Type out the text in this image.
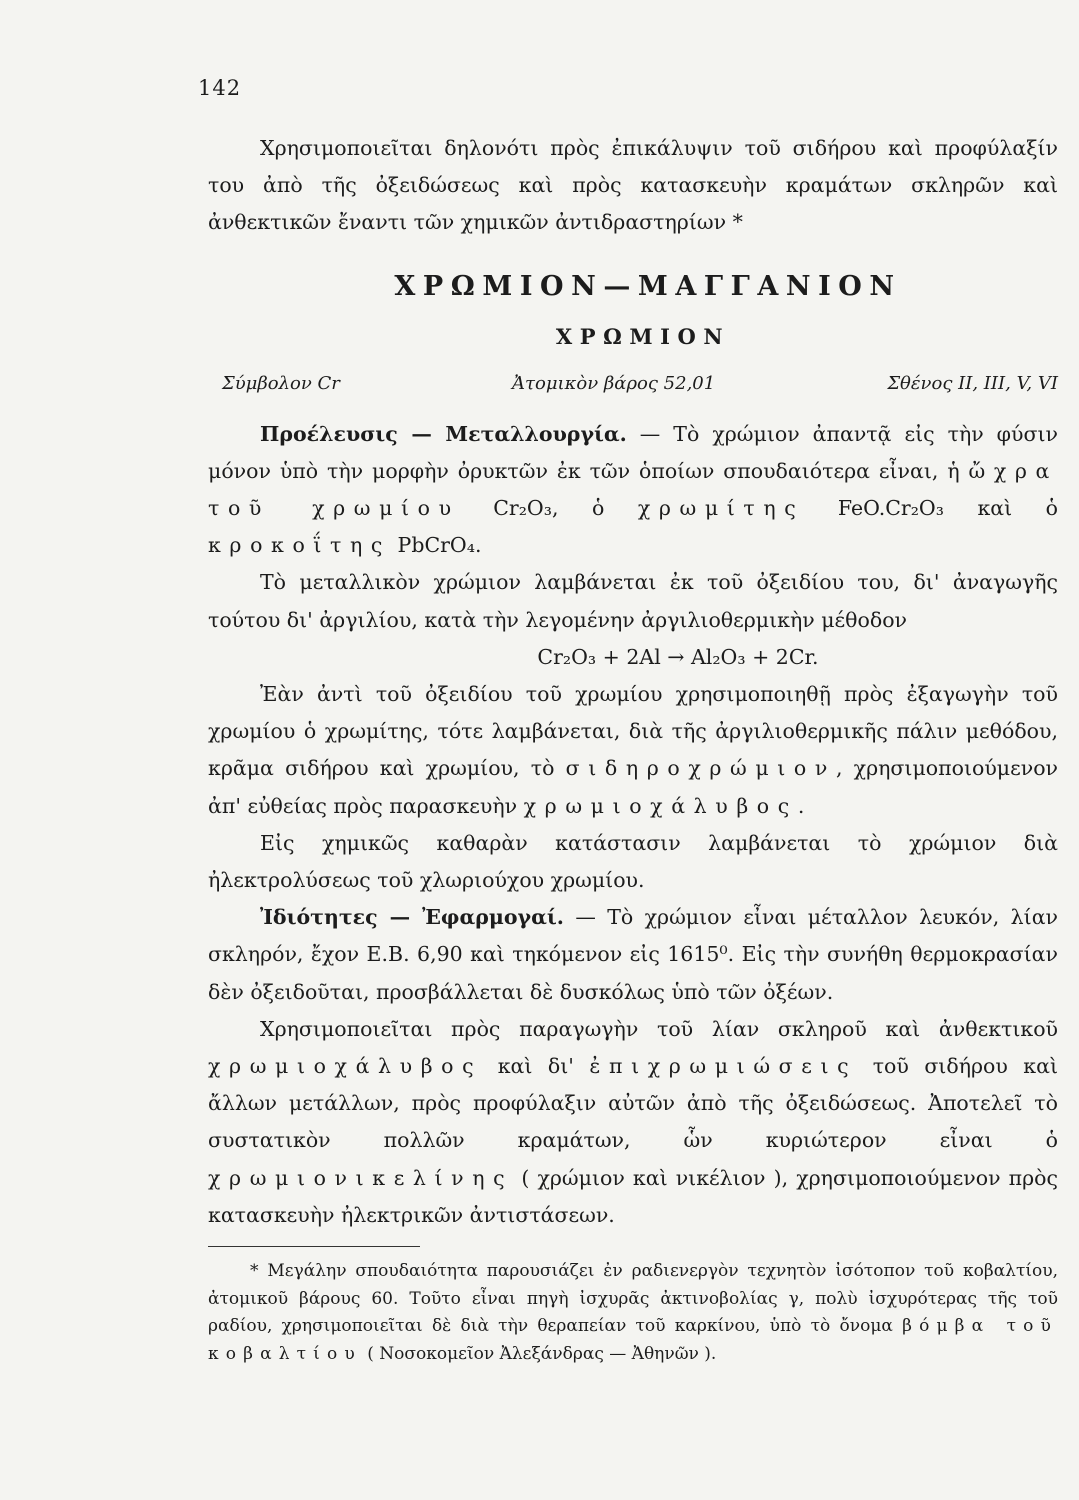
142

Χρησιμοποιεῖται δηλονότι πρὸς ἐπικάλυψιν τοῦ σιδήρου καὶ προφύλαξίν του ἀπὸ τῆς ὀξειδώσεως καὶ πρὸς κατασκευὴν κραμάτων σκληρῶν καὶ ἀνθεκτικῶν ἔναντι τῶν χημικῶν ἀντιδραστηρίων *

ΧΡΩΜΙΟΝ—ΜΑΓΓΑΝΙΟΝ
ΧΡΩΜΙΟΝ
Σύμβολον Cr	Ἀτομικὸν βάρος 52,01	Σθένος II, III, V, VI

Προέλευσις — Μεταλλουργία. — Τὸ χρώμιον ἀπαντᾷ εἰς τὴν φύσιν μόνον ὑπὸ τὴν μορφὴν ὀρυκτῶν ἐκ τῶν ὁποίων σπουδαιότερα εἶναι, ἡ ὤχρα τοῦ χρωμίου Cr₂O₃, ὁ χρωμίτης FeO.Cr₂O₃ καὶ ὁ κροκοΐτης PbCrO₄.

Τὸ μεταλλικὸν χρώμιον λαμβάνεται ἐκ τοῦ ὀξειδίου του, δι' ἀναγωγῆς τούτου δι' ἀργιλίου, κατὰ τὴν λεγομένην ἀργιλιοθερμικὴν μέθοδον

Cr₂O₃ + 2Al → Al₂O₃ + 2Cr.

Ἐὰν ἀντὶ τοῦ ὀξειδίου τοῦ χρωμίου χρησιμοποιηθῇ πρὸς ἐξαγωγὴν τοῦ χρωμίου ὁ χρωμίτης, τότε λαμβάνεται, διὰ τῆς ἀργιλιοθερμικῆς πάλιν μεθόδου, κρᾶμα σιδήρου καὶ χρωμίου, τὸ σιδηροχρώμιον, χρησιμοποιούμενον ἀπ' εὐθείας πρὸς παρασκευὴν χρωμιοχάλυβος.

Εἰς χημικῶς καθαρὰν κατάστασιν λαμβάνεται τὸ χρώμιον διὰ ἠλεκτρολύσεως τοῦ χλωριούχου χρωμίου.

Ἰδιότητες — Ἐφαρμογαί. — Τὸ χρώμιον εἶναι μέταλλον λευκόν, λίαν σκληρόν, ἔχον Ε.Β. 6,90 καὶ τηκόμενον εἰς 1615⁰. Εἰς τὴν συνήθη θερμοκρασίαν δὲν ὀξειδοῦται, προσβάλλεται δὲ δυσκόλως ὑπὸ τῶν ὀξέων.

Χρησιμοποιεῖται πρὸς παραγωγὴν τοῦ λίαν σκληροῦ καὶ ἀνθεκτικοῦ χρωμιοχάλυβος καὶ δι' ἐπιχρωμιώσεις τοῦ σιδήρου καὶ ἄλλων μετάλλων, πρὸς προφύλαξιν αὐτῶν ἀπὸ τῆς ὀξειδώσεως. Ἀποτελεῖ τὸ συστατικὸν πολλῶν κραμάτων, ὧν κυριώτερον εἶναι ὁ χρωμιονικελίνης ( χρώμιον καὶ νικέλιον ), χρησιμοποιούμενον πρὸς κατασκευὴν ἠλεκτρικῶν ἀντιστάσεων.

* Μεγάλην σπουδαιότητα παρουσιάζει ἐν ραδιενεργὸν τεχνητὸν ἰσότοπον τοῦ κοβαλτίου, ἀτομικοῦ βάρους 60. Τοῦτο εἶναι πηγὴ ἰσχυρᾶς ἀκτινοβολίας γ, πολὺ ἰσχυρότερας τῆς τοῦ ραδίου, χρησιμοποιεῖται δὲ διὰ τὴν θεραπείαν τοῦ καρκίνου, ὑπὸ τὸ ὄνομα βόμβα τοῦ κοβαλτίου ( Νοσοκομεῖον Ἀλεξάνδρας — Ἀθηνῶν ).
